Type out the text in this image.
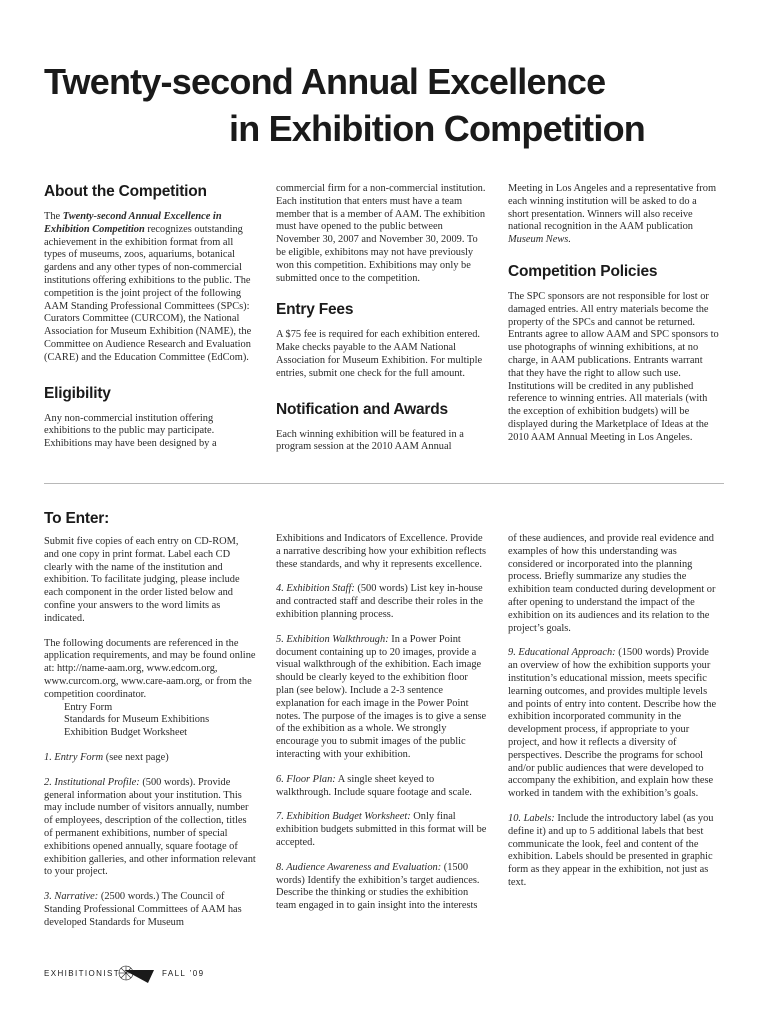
Twenty-second Annual Excellence
in Exhibition Competition
About the Competition

The Twenty-second Annual Excellence in Exhibition Competition recognizes outstanding achievement in the exhibition format from all types of museums, zoos, aquariums, botanical gardens and any other types of non-commercial institutions offering exhibitions to the public. The competition is the joint project of the following AAM Standing Professional Committees (SPCs): Curators Committee (CURCOM), the National Association for Museum Exhibition (NAME), the Committee on Audience Research and Evaluation (CARE) and the Education Committee (EdCom).

Eligibility

Any non-commercial institution offering exhibitions to the public may participate. Exhibitions may have been designed by a

commercial firm for a non-commercial institution. Each institution that enters must have a team member that is a member of AAM. The exhibition must have opened to the public between November 30, 2007 and November 30, 2009. To be eligible, exhibitons may not have previously won this competition. Exhibitions may only be submitted once to the competition.

Entry Fees

A $75 fee is required for each exhibition entered. Make checks payable to the AAM National Association for Museum Exhibition. For multiple entries, submit one check for the full amount.

Notification and Awards

Each winning exhibition will be featured in a program session at the 2010 AAM Annual

Meeting in Los Angeles and a representative from each winning institution will be asked to do a short presentation. Winners will also receive national recognition in the AAM publication Museum News.

Competition Policies

The SPC sponsors are not responsible for lost or damaged entries. All entry materials become the property of the SPCs and cannot be returned. Entrants agree to allow AAM and SPC sponsors to use photographs of winning exhibitions, at no charge, in AAM publications. Entrants warrant that they have the right to allow such use. Institutions will be credited in any published reference to winning entries. All materials (with the exception of exhibition budgets) will be displayed during the Marketplace of Ideas at the 2010 AAM Annual Meeting in Los Angeles.

To Enter:

Submit five copies of each entry on CD-ROM, and one copy in print format. Label each CD clearly with the name of the institution and exhibition. To facilitate judging, please include each component in the order listed below and confine your answers to the word limits as indicated.

The following documents are referenced in the application requirements, and may be found online at: http://name-aam.org, www.edcom.org, www.curcom.org, www.care-aam.org, or from the competition coordinator.

Entry Form

Standards for Museum Exhibitions

Exhibition Budget Worksheet

1. Entry Form (see next page)

2. Institutional Profile: (500 words). Provide general information about your institution. This may include number of visitors annually, number of employees, description of the collection, titles of permanent exhibitions, number of special exhibitions opened annually, square footage of exhibition galleries, and other information relevant to your project.

3. Narrative: (2500 words.) The Council of Standing Professional Committees of AAM has developed Standards for Museum

Exhibitions and Indicators of Excellence. Provide a narrative describing how your exhibition reflects these standards, and why it represents excellence.

4. Exhibition Staff: (500 words) List key in-house and contracted staff and describe their roles in the exhibition planning process.

5. Exhibition Walkthrough: In a Power Point document containing up to 20 images, provide a visual walkthrough of the exhibition. Each image should be clearly keyed to the exhibition floor plan (see below). Include a 2-3 sentence explanation for each image in the Power Point notes. The purpose of the images is to give a sense of the exhibition as a whole. We strongly encourage you to submit images of the public interacting with your exhibition.

6. Floor Plan: A single sheet keyed to walkthrough. Include square footage and scale.

7. Exhibition Budget Worksheet: Only final exhibition budgets submitted in this format will be accepted.

8. Audience Awareness and Evaluation: (1500 words) Identify the exhibition’s target audiences. Describe the thinking or studies the exhibition team engaged in to gain insight into the interests

of these audiences, and provide real evidence and examples of how this understanding was considered or incorporated into the planning process. Briefly summarize any studies the exhibition team conducted during development or after opening to understand the impact of the exhibition on its audiences and its relation to the project’s goals.

9. Educational Approach: (1500 words) Provide an overview of how the exhibition supports your institution’s educational mission, meets specific learning outcomes, and provides multiple levels and points of entry into content. Describe how the exhibition incorporated community in the development process, if appropriate to your project, and how it reflects a diversity of perspectives. Describe the programs for school and/or public audiences that were developed to accompany the exhibition, and explain how these worked in tandem with the exhibition’s goals.

10. Labels: Include the introductory label (as you define it) and up to 5 additional labels that best communicate the look, feel and content of the exhibition. Labels should be presented in graphic form as they appear in the exhibition, not just as text.

EXHIBITIONIST	FALL ’09
